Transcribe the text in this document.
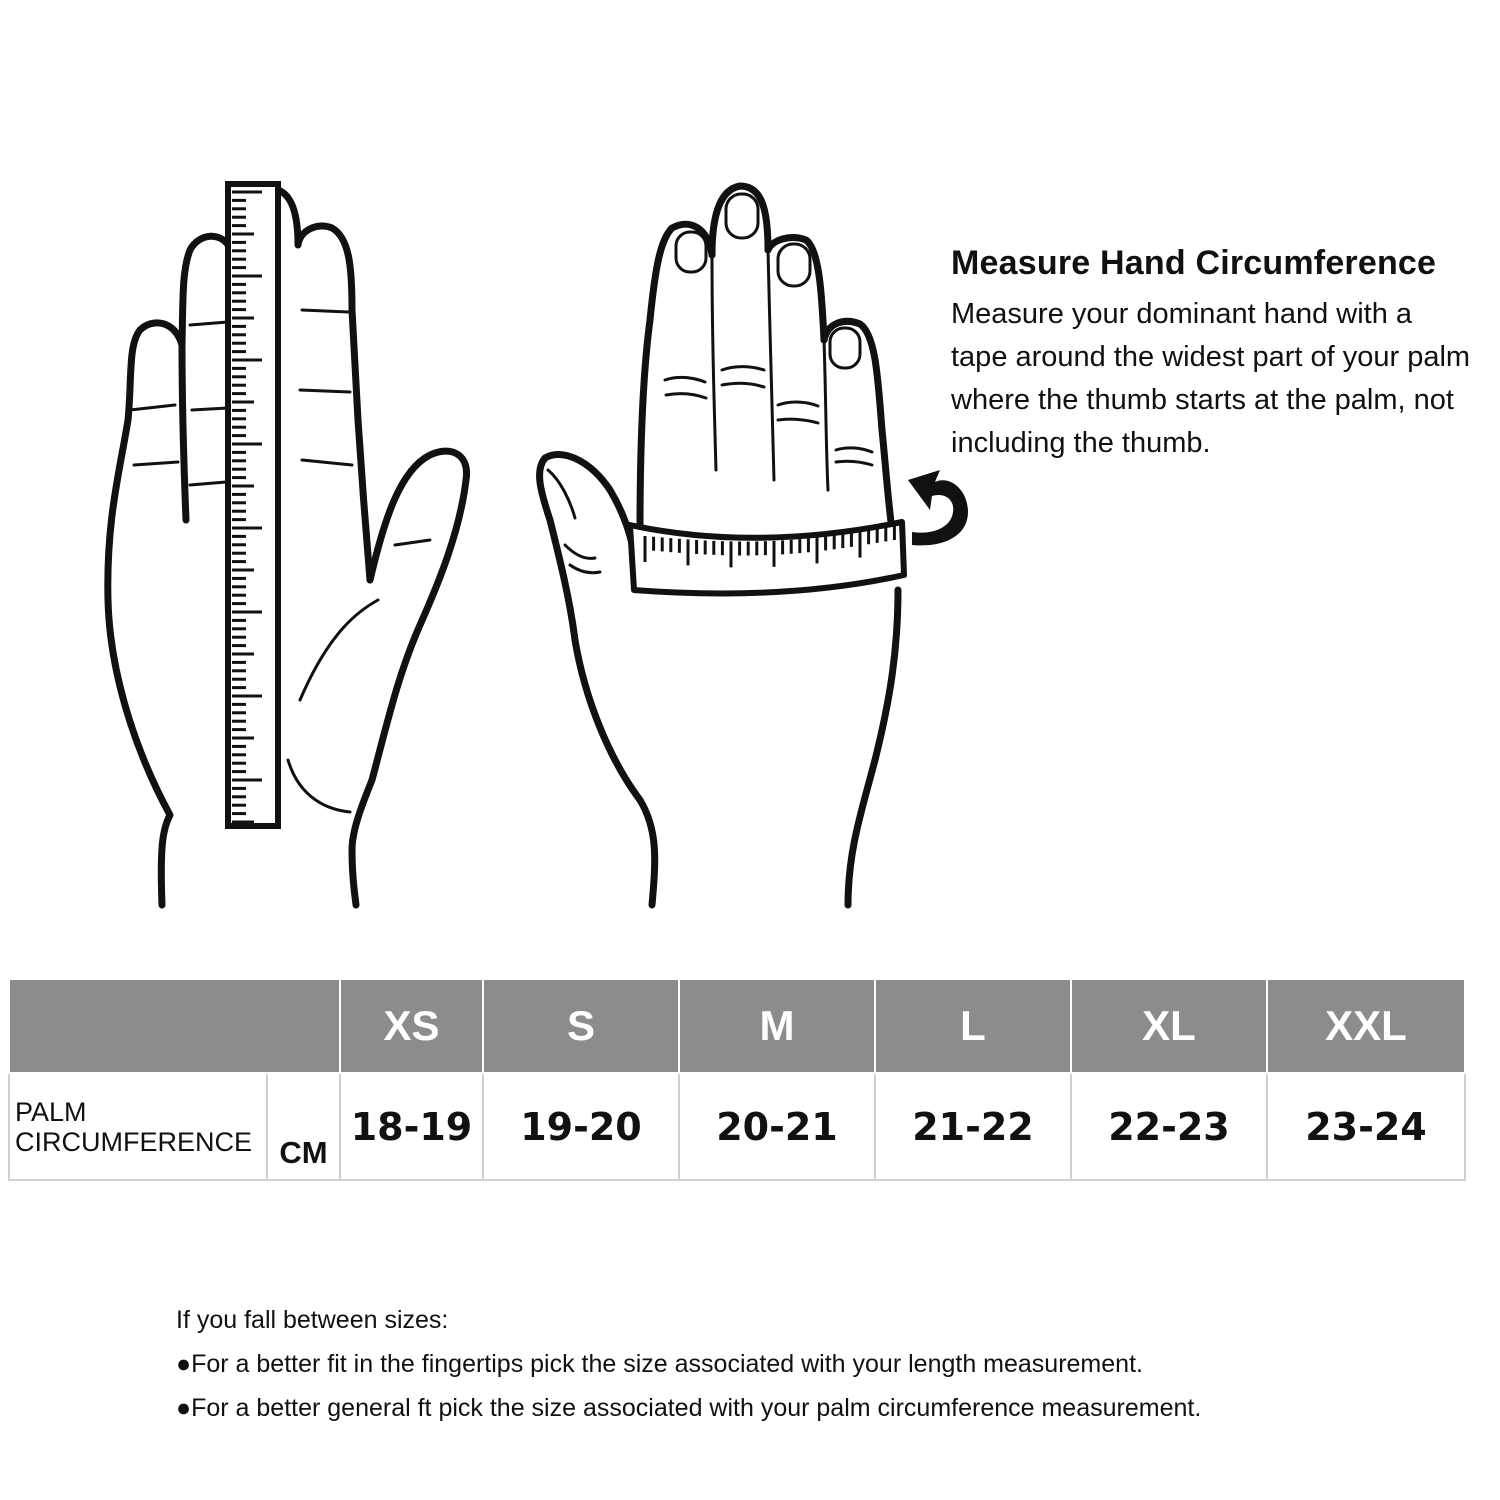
Measure Hand Circumference

Measure your dominant hand with a tape around the widest part of your palm where the thumb starts at the palm, not including the thumb.

		XS	S	M	L	XL	XXL
PALM CIRCUMFERENCE	CM	18-19	19-20	20-21	21-22	22-23	23-24
If you fall between sizes:
●For a better fit in the fingertips pick the size associated with your length measurement.
●For a better general ft pick the size associated with your palm circumference measurement.
